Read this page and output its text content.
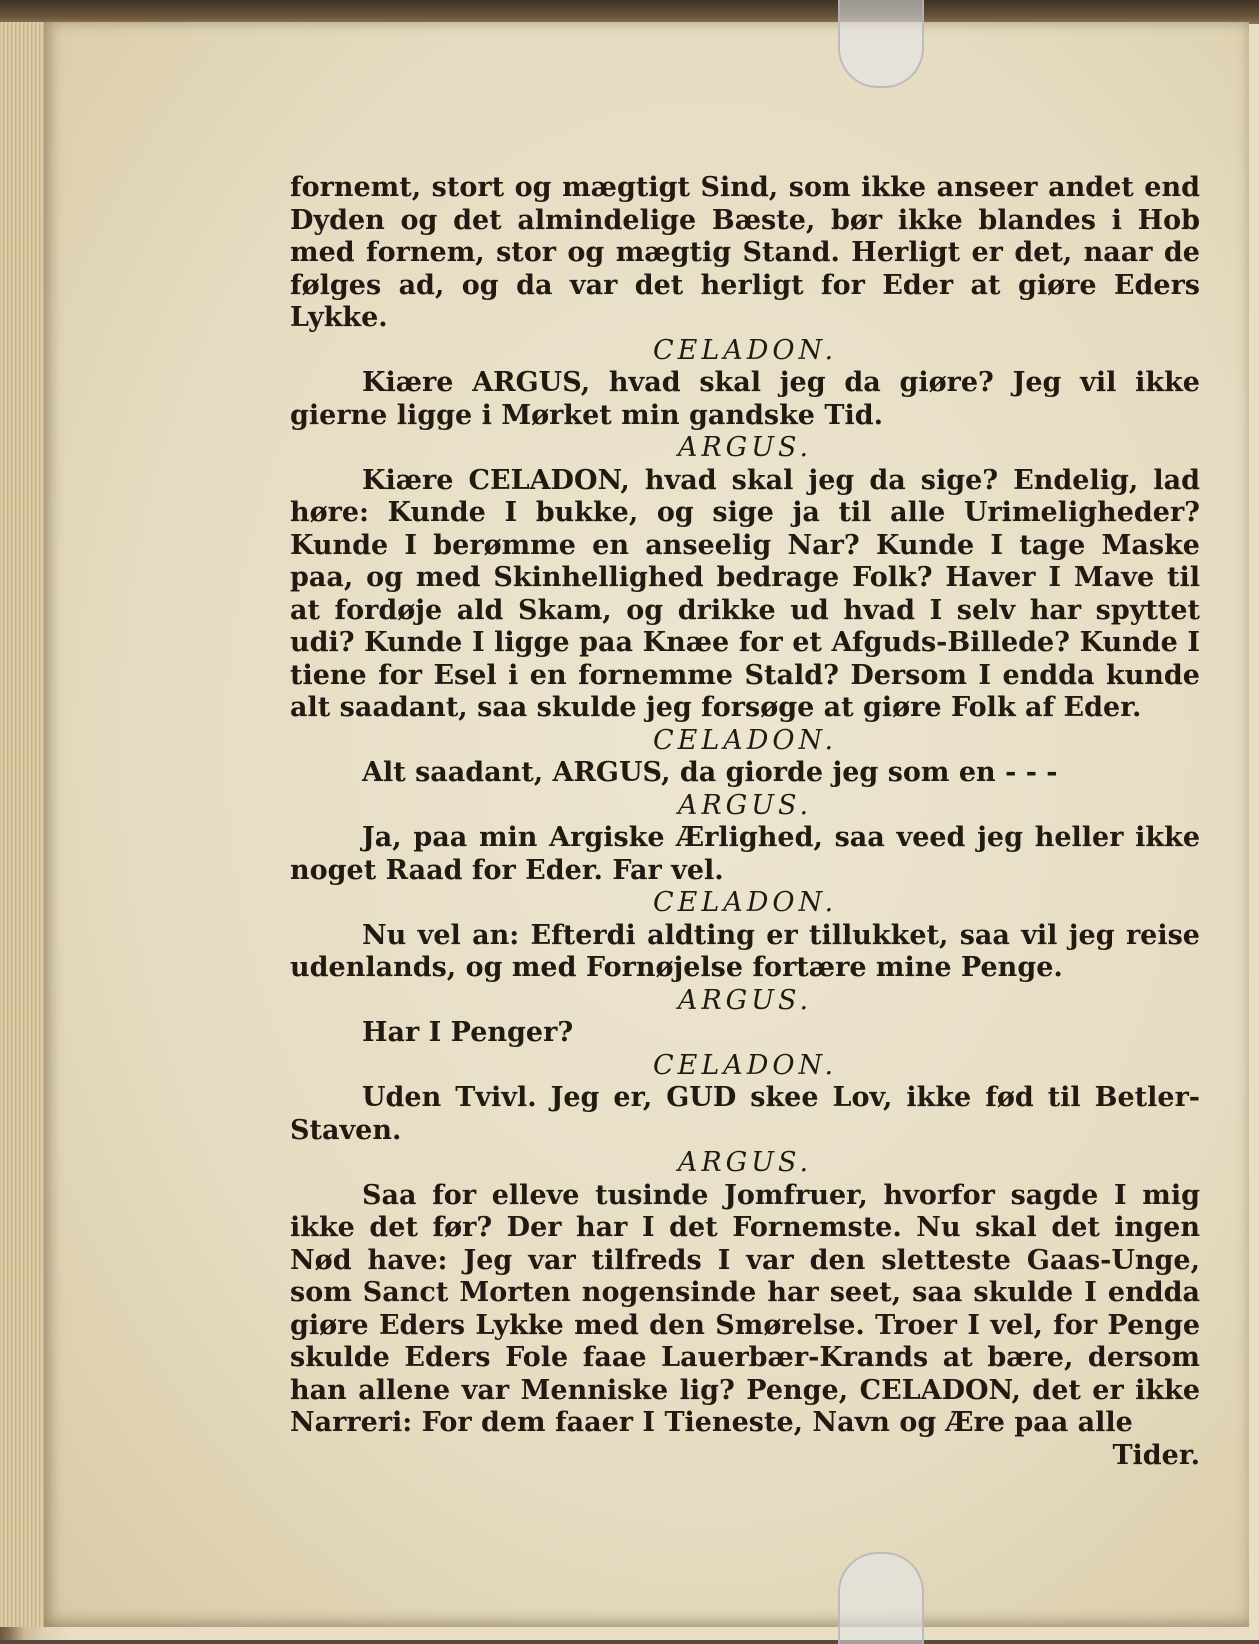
fornemt, stort og mægtigt Sind, som ikke anseer andet end Dyden og det almindelige Bæste, bør ikke blandes i Hob med fornem, stor og mægtig Stand. Herligt er det, naar de følges ad, og da var det herligt for Eder at giøre Eders Lykke.

CELADON.

Kiære ARGUS, hvad skal jeg da giøre? Jeg vil ikke gierne ligge i Mørket min gandske Tid.

ARGUS.

Kiære CELADON, hvad skal jeg da sige? Endelig, lad høre: Kunde I bukke, og sige ja til alle Urimeligheder? Kunde I berømme en anseelig Nar? Kunde I tage Maske paa, og med Skinhellighed bedrage Folk? Haver I Mave til at fordøje ald Skam, og drikke ud hvad I selv har spyttet udi? Kunde I ligge paa Knæe for et Afguds-Billede? Kunde I tiene for Esel i en fornemme Stald? Dersom I endda kunde alt saadant, saa skulde jeg forsøge at giøre Folk af Eder.

CELADON.

Alt saadant, ARGUS, da giorde jeg som en - - -

ARGUS.

Ja, paa min Argiske Ærlighed, saa veed jeg heller ikke noget Raad for Eder. Far vel.

CELADON.

Nu vel an: Efterdi aldting er tillukket, saa vil jeg reise udenlands, og med Fornøjelse fortære mine Penge.

ARGUS.

Har I Penger?

CELADON.

Uden Tvivl. Jeg er, GUD skee Lov, ikke fød til Betler-Staven.

ARGUS.

Saa for elleve tusinde Jomfruer, hvorfor sagde I mig ikke det før? Der har I det Fornemste. Nu skal det ingen Nød have: Jeg var tilfreds I var den sletteste Gaas-Unge, som Sanct Morten nogensinde har seet, saa skulde I endda giøre Eders Lykke med den Smørelse. Troer I vel, for Penge skulde Eders Fole faae Lauerbær-Krands at bære, dersom han allene var Menniske lig? Penge, CELADON, det er ikke Narreri: For dem faaer I Tieneste, Navn og Ære paa alle

Tider.
